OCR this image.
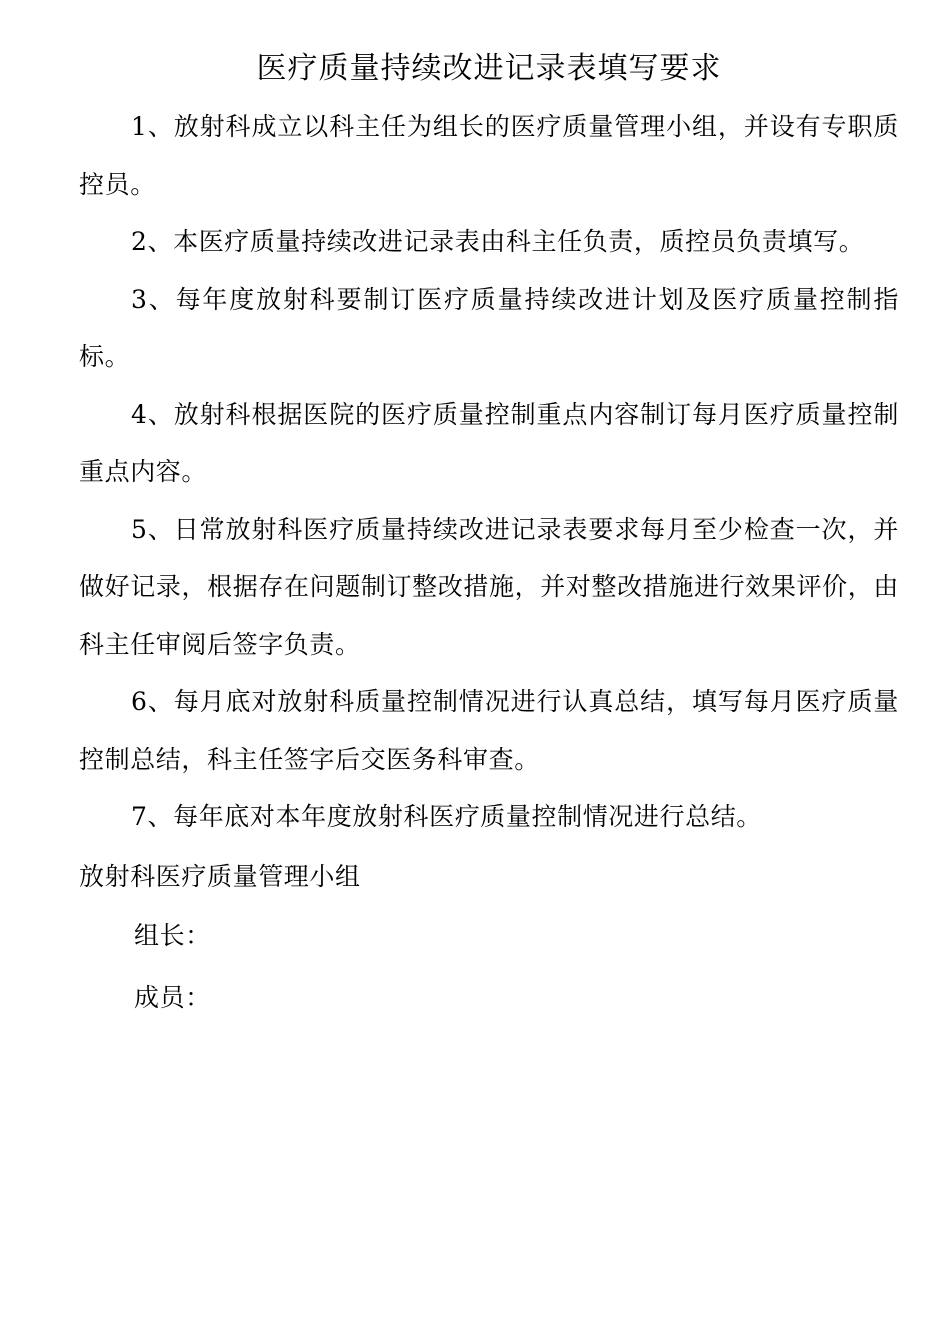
医疗质量持续改进记录表填写要求

1、放射科成立以科主任为组长的医疗质量管理小组，并设有专职质控员。

2、本医疗质量持续改进记录表由科主任负责，质控员负责填写。

3、每年度放射科要制订医疗质量持续改进计划及医疗质量控制指标。

4、放射科根据医院的医疗质量控制重点内容制订每月医疗质量控制重点内容。

5、日常放射科医疗质量持续改进记录表要求每月至少检查一次，并做好记录，根据存在问题制订整改措施，并对整改措施进行效果评价，由科主任审阅后签字负责。

6、每月底对放射科质量控制情况进行认真总结，填写每月医疗质量控制总结，科主任签字后交医务科审查。

7、每年底对本年度放射科医疗质量控制情况进行总结。

放射科医疗质量管理小组

组长：

成员：
